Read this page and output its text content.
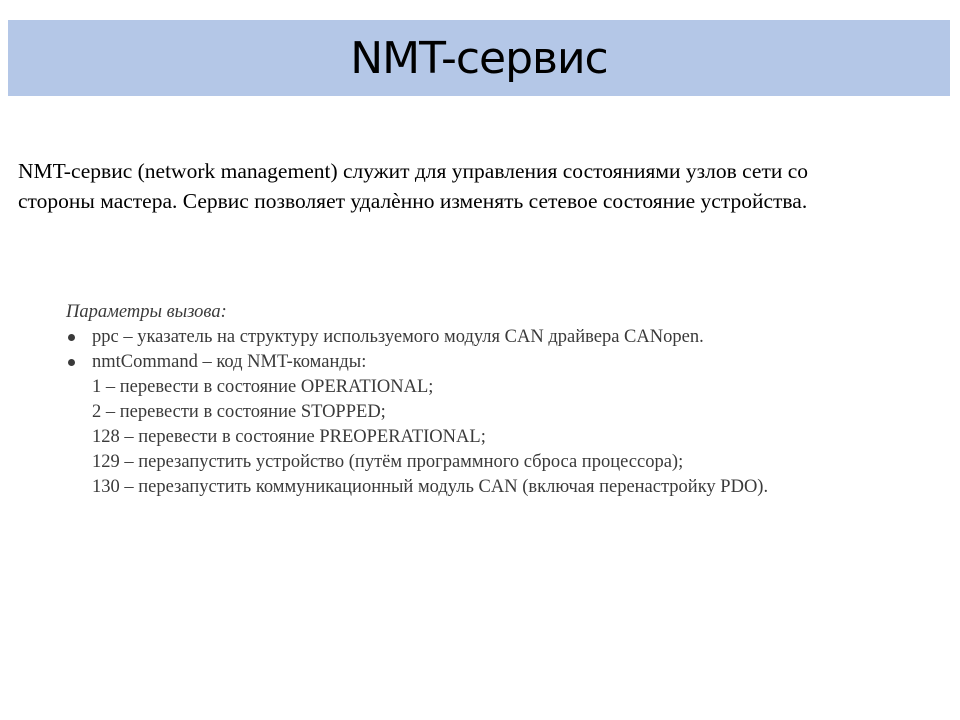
NMT-сервис
NMT-сервис (network management) служит для управления состояниями узлов сети со
стороны мастера. Сервис позволяет удалѐнно изменять сетевое состояние устройства.

Параметры вызова:

ppc – указатель на структуру используемого модуля CAN драйвера CANopen.
nmtCommand – код NMT-команды:
1 – перевести в состояние OPERATIONAL;
2 – перевести в состояние STOPPED;
128 – перевести в состояние PREOPERATIONAL;
129 – перезапустить устройство (путём программного сброса процессора);
130 – перезапустить коммуникационный модуль CAN (включая перенастройку PDO).
